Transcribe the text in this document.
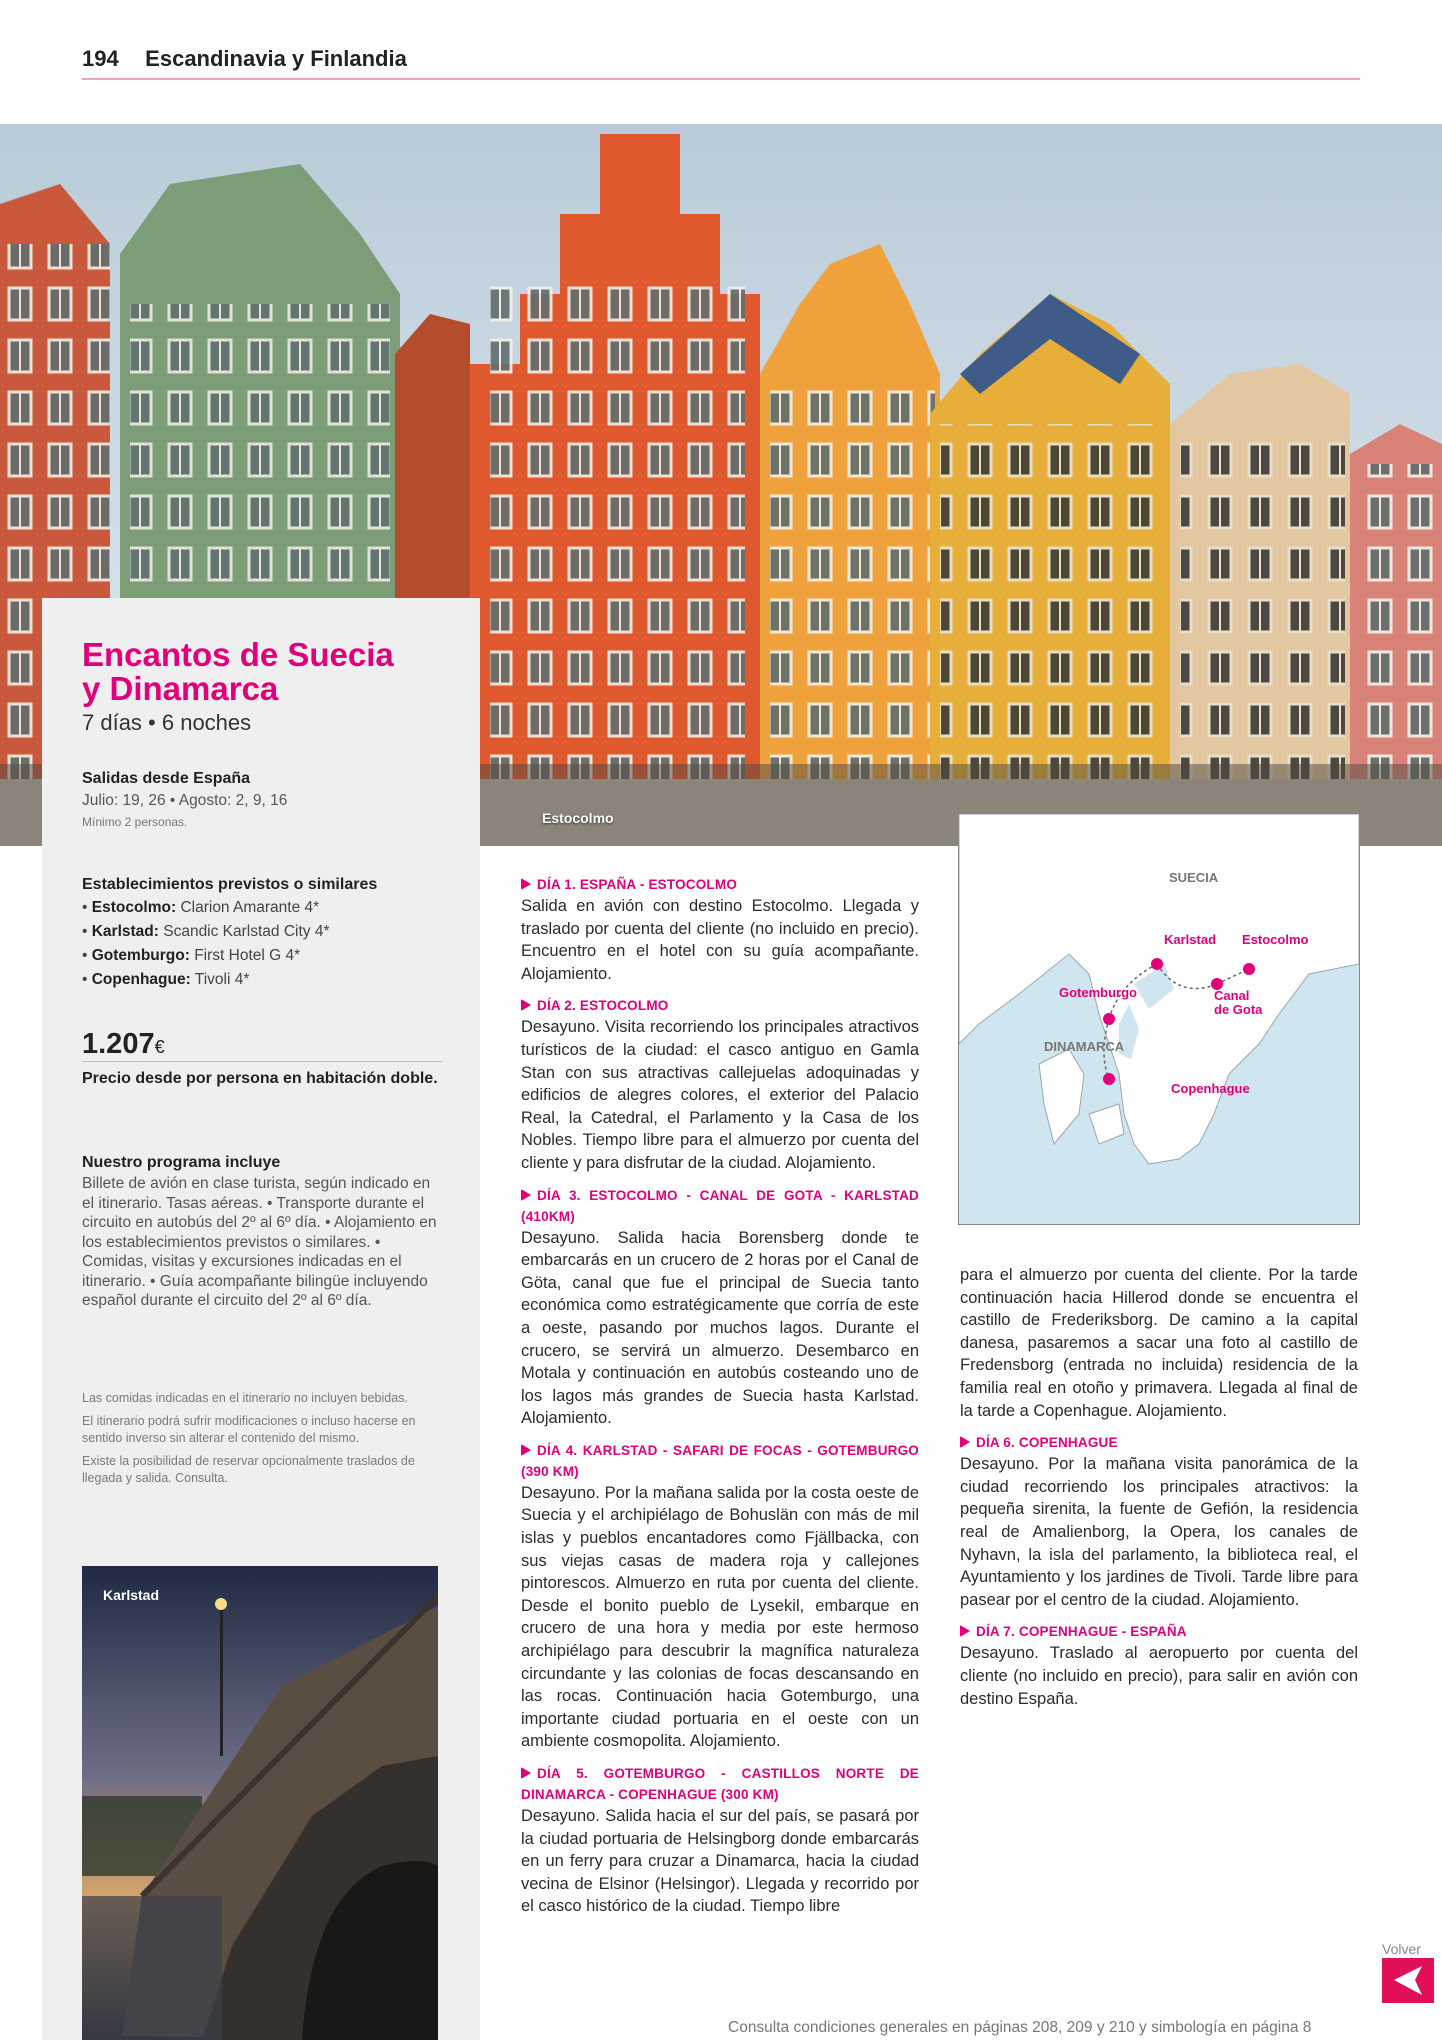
194 Escandinavia y Finlandia
Estocolmo
Encantos de Suecia
y Dinamarca
7 días • 6 noches
Salidas desde España
Julio: 19, 26 • Agosto: 2, 9, 16
Mínimo 2 personas.
Establecimientos previstos o similares
• Estocolmo: Clarion Amarante 4*
• Karlstad: Scandic Karlstad City 4*
• Gotemburgo: First Hotel G 4*
• Copenhague: Tivoli 4*
1.207€
Precio desde por persona en habitación doble.
Nuestro programa incluye
Billete de avión en clase turista, según indicado en el itinerario. Tasas aéreas. • Transporte durante el circuito en autobús del 2º al 6º día. • Alojamiento en los establecimientos previstos o similares. • Comidas, visitas y excursiones indicadas en el itinerario. • Guía acompañante bilingüe incluyendo español durante el circuito del 2º al 6º día.
Las comidas indicadas en el itinerario no incluyen bebidas.
El itinerario podrá sufrir modificaciones o incluso hacerse en sentido inverso sin alterar el contenido del mismo.
Existe la posibilidad de reservar opcionalmente traslados de llegada y salida. Consulta.
Karlstad
DÍA 1. ESPAÑA - ESTOCOLMO

Salida en avión con destino Estocolmo. Llegada y traslado por cuenta del cliente (no incluido en precio). Encuentro en el hotel con su guía acompañante. Alojamiento.

DÍA 2. ESTOCOLMO

Desayuno. Visita recorriendo los principales atractivos turísticos de la ciudad: el casco antiguo en Gamla Stan con sus atractivas callejuelas adoquinadas y edificios de alegres colores, el exterior del Palacio Real, la Catedral, el Parlamento y la Casa de los Nobles. Tiempo libre para el almuerzo por cuenta del cliente y para disfrutar de la ciudad. Alojamiento.

DÍA 3. ESTOCOLMO - CANAL DE GOTA - KARLSTAD (410KM)

Desayuno. Salida hacia Borensberg donde te embarcarás en un crucero de 2 horas por el Canal de Göta, canal que fue el principal de Suecia tanto económica como estratégicamente que corría de este a oeste, pasando por muchos lagos. Durante el crucero, se servirá un almuerzo. Desembarco en Motala y continuación en autobús costeando uno de los lagos más grandes de Suecia hasta Karlstad. Alojamiento.

DÍA 4. KARLSTAD - SAFARI DE FOCAS - GOTEMBURGO (390 KM)

Desayuno. Por la mañana salida por la costa oeste de Suecia y el archipiélago de Bohuslän con más de mil islas y pueblos encantadores como Fjällbacka, con sus viejas casas de madera roja y callejones pintorescos. Almuerzo en ruta por cuenta del cliente. Desde el bonito pueblo de Lysekil, embarque en crucero de una hora y media por este hermoso archipiélago para descubrir la magnífica naturaleza circundante y las colonias de focas descansando en las rocas. Continuación hacia Gotemburgo, una importante ciudad portuaria en el oeste con un ambiente cosmopolita. Alojamiento.

DÍA 5. GOTEMBURGO - CASTILLOS NORTE DE DINAMARCA - COPENHAGUE (300 KM)

Desayuno. Salida hacia el sur del país, se pasará por la ciudad portuaria de Helsingborg donde embarcarás en un ferry para cruzar a Dinamarca, hacia la ciudad vecina de Elsinor (Helsingor). Llegada y recorrido por el casco histórico de la ciudad. Tiempo libre

para el almuerzo por cuenta del cliente. Por la tarde continuación hacia Hillerod donde se encuentra el castillo de Frederiksborg. De camino a la capital danesa, pasaremos a sacar una foto al castillo de Fredensborg (entrada no incluida) residencia de la familia real en otoño y primavera. Llegada al final de la tarde a Copenhague. Alojamiento.

DÍA 6. COPENHAGUE

Desayuno. Por la mañana visita panorámica de la ciudad recorriendo los principales atractivos: la pequeña sirenita, la fuente de Gefión, la residencia real de Amalienborg, la Opera, los canales de Nyhavn, la isla del parlamento, la biblioteca real, el Ayuntamiento y los jardines de Tivoli. Tarde libre para pasear por el centro de la ciudad. Alojamiento.

DÍA 7. COPENHAGUE - ESPAÑA

Desayuno. Traslado al aeropuerto por cuenta del cliente (no incluido en precio), para salir en avión con destino España.

SUECIA
DINAMARCA
Karlstad Estocolmo
Gotemburgo	Canal
de Gota
Copenhague
Consulta condiciones generales en páginas 208, 209 y 210 y simbología en página 8
Volver
